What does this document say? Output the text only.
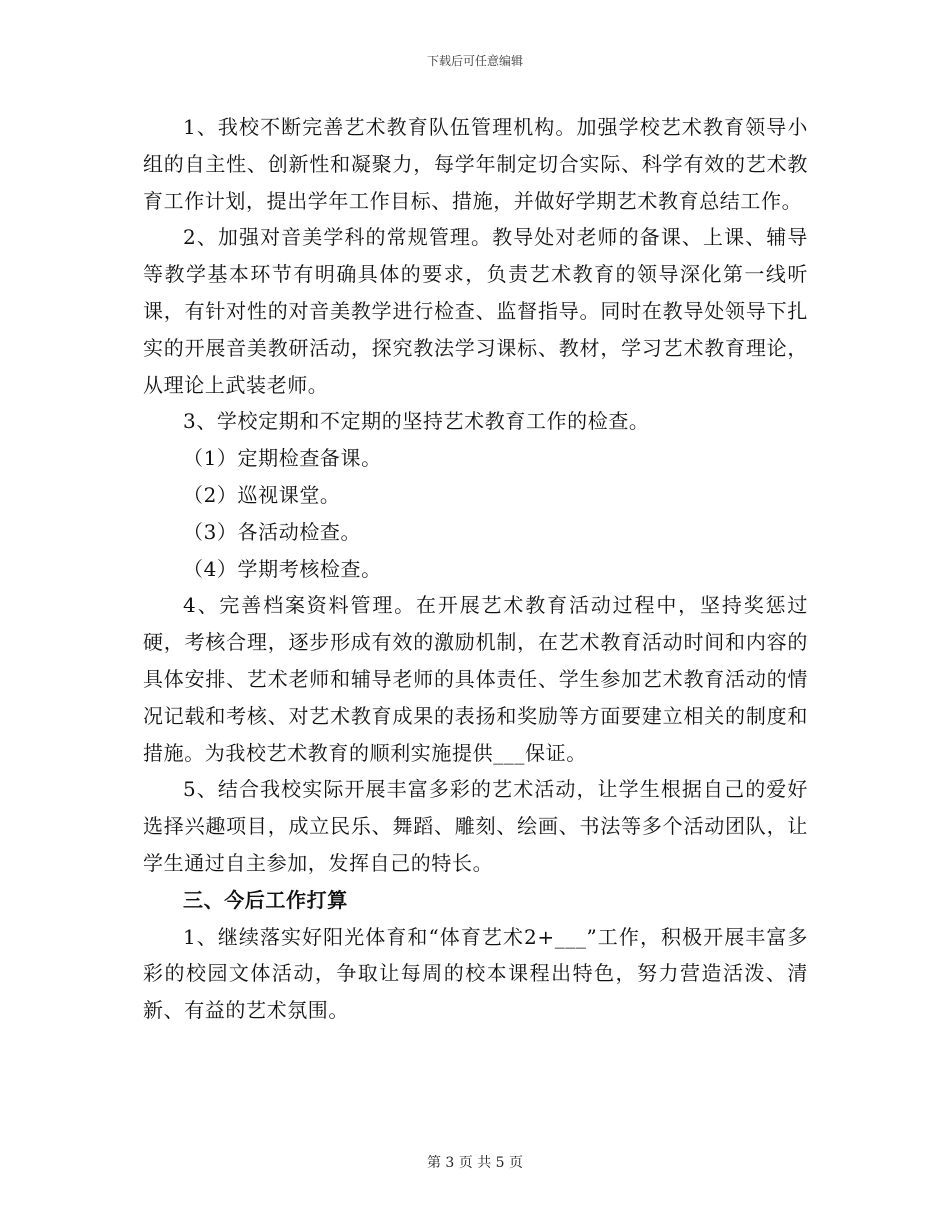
下载后可任意编辑

1、我校不断完善艺术教育队伍管理机构。加强学校艺术教育领导小组的自主性、创新性和凝聚力，每学年制定切合实际、科学有效的艺术教育工作计划，提出学年工作目标、措施，并做好学期艺术教育总结工作。

2、加强对音美学科的常规管理。教导处对老师的备课、上课、辅导等教学基本环节有明确具体的要求，负责艺术教育的领导深化第一线听课，有针对性的对音美教学进行检查、监督指导。同时在教导处领导下扎实的开展音美教研活动，探究教法学习课标、教材，学习艺术教育理论，从理论上武装老师。

3、学校定期和不定期的坚持艺术教育工作的检查。

（1）定期检查备课。

（2）巡视课堂。

（3）各活动检查。

（4）学期考核检查。

4、完善档案资料管理。在开展艺术教育活动过程中，坚持奖惩过硬，考核合理，逐步形成有效的激励机制，在艺术教育活动时间和内容的具体安排、艺术老师和辅导老师的具体责任、学生参加艺术教育活动的情况记载和考核、对艺术教育成果的表扬和奖励等方面要建立相关的制度和措施。为我校艺术教育的顺利实施提供___保证。

5、结合我校实际开展丰富多彩的艺术活动，让学生根据自己的爱好选择兴趣项目，成立民乐、舞蹈、雕刻、绘画、书法等多个活动团队，让学生通过自主参加，发挥自己的特长。

三、今后工作打算

1、继续落实好阳光体育和“体育艺术2+___”工作，积极开展丰富多彩的校园文体活动，争取让每周的校本课程出特色，努力营造活泼、清新、有益的艺术氛围。

第 3 页 共 5 页
